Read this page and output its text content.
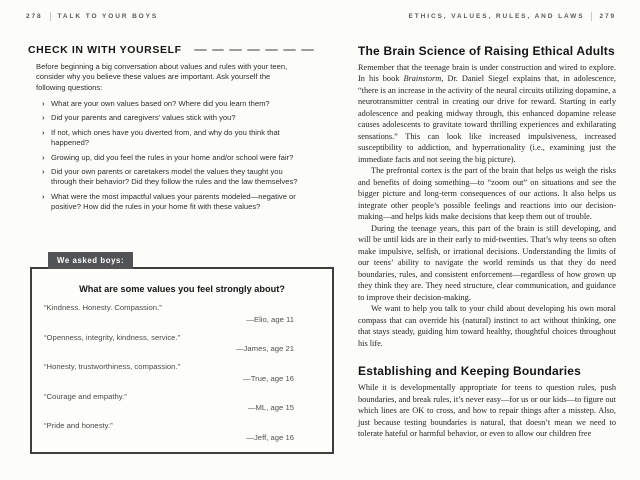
278 TALK TO YOUR BOYS	ETHICS, VALUES, RULES, AND LAWS 279
CHECK IN WITH YOURSELF

Before beginning a big conversation about values and rules with your teen, consider why you believe these values are important. Ask yourself the following questions:

› What are your own values based on? Where did you learn them?
› Did your parents and caregivers’ values stick with you?
› If not, which ones have you diverted from, and why do you think that happened?
› Growing up, did you feel the rules in your home and/or school were fair?
› Did your own parents or caretakers model the values they taught you through their behavior? Did they follow the rules and the law themselves?
› What were the most impactful values your parents modeled—negative or positive? How did the rules in your home fit with these values?
We asked boys:
What are some values you feel strongly about?
“Kindness. Honesty. Compassion.”
—Elio, age 11
“Openness, integrity, kindness, service.”
—James, age 21
“Honesty, trustworthiness, compassion.”
—True, age 16
“Courage and empathy.”
—ML, age 15
“Pride and honesty.”
—Jeff, age 16
The Brain Science of Raising Ethical Adults

Remember that the teenage brain is under construction and wired to explore. In his book Brainstorm, Dr. Daniel Siegel explains that, in adolescence, “there is an increase in the activity of the neural circuits utilizing dopamine, a neurotransmitter central in creating our drive for reward. Starting in early adolescence and peaking midway through, this enhanced dopamine release causes adolescents to gravitate toward thrilling experiences and exhilarating sensations.” This can look like increased impulsiveness, increased susceptibility to addiction, and hyperrationality (i.e., examining just the immediate facts and not seeing the big picture).

The prefrontal cortex is the part of the brain that helps us weigh the risks and benefits of doing something—to “zoom out” on situations and see the bigger picture and long-term consequences of our actions. It also helps us integrate other people’s possible feelings and reactions into our decision-making—and helps kids make decisions that keep them out of trouble.

During the teenage years, this part of the brain is still developing, and will be until kids are in their early to mid-twenties. That’s why teens so often make impulsive, selfish, or irrational decisions. Understanding the limits of our teens’ ability to navigate the world reminds us that they do need boundaries, rules, and consistent enforcement—regardless of how grown up they think they are. They need structure, clear communication, and guidance to improve their decision-making.

We want to help you talk to your child about developing his own moral compass that can override his (natural) instinct to act without thinking, one that stays steady, guiding him toward healthy, thoughtful choices throughout his life.

Establishing and Keeping Boundaries

While it is developmentally appropriate for teens to question rules, push boundaries, and break rules, it’s never easy—for us or our kids—to figure out which lines are OK to cross, and how to repair things after a misstep. Also, just because testing boundaries is natural, that doesn’t mean we need to tolerate hateful or harmful behavior, or even to allow our children free
